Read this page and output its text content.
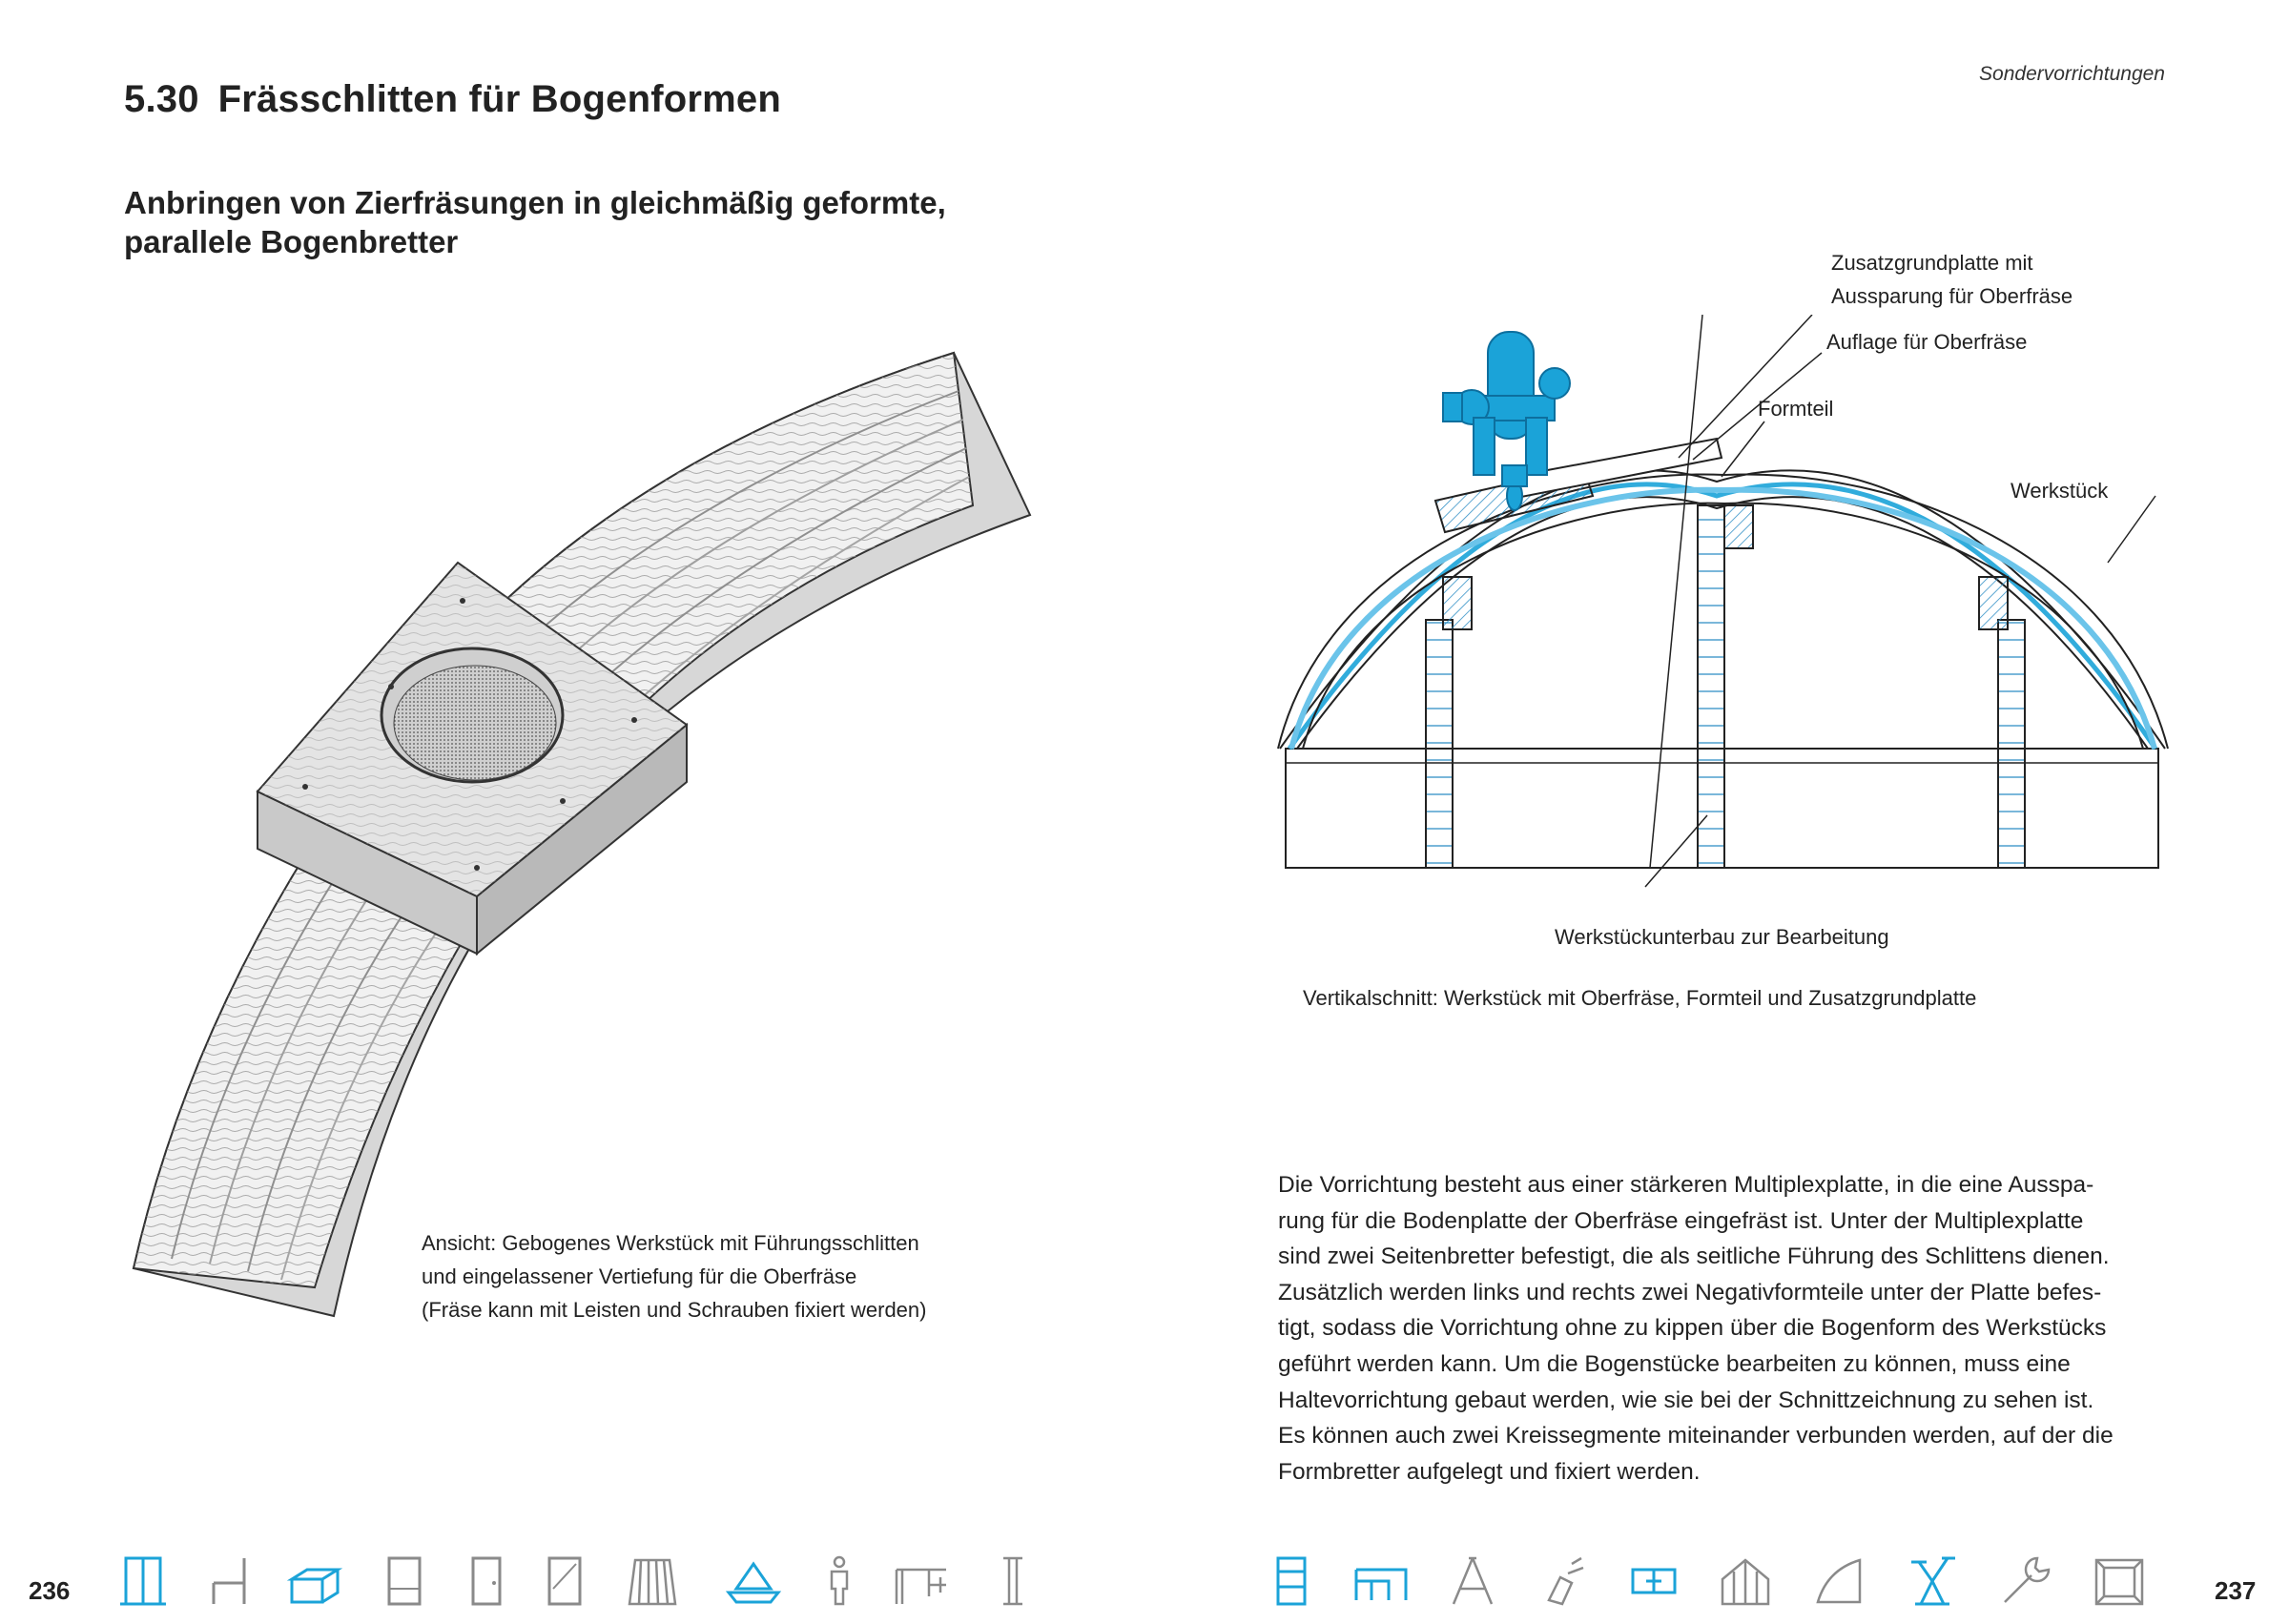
5.30 Frässchlitten für Bogenformen
Anbringen von Zierfräsungen in gleichmäßig geformte,
parallele Bogenbretter
Ansicht: Gebogenes Werkstück mit Führungsschlitten
und eingelassener Vertiefung für die Oberfräse
(Fräse kann mit Leisten und Schrauben fixiert werden)
Sondervorrichtungen
Zusatzgrundplatte mit
Aussparung für Oberfräse
Auflage für Oberfräse
Formteil
Werkstück
Werkstückunterbau zur Bearbeitung
Vertikalschnitt: Werkstück mit Oberfräse, Formteil und Zusatzgrundplatte
Die Vorrichtung besteht aus einer stärkeren Multiplexplatte, in die eine Ausspa-
rung für die Bodenplatte der Oberfräse eingefräst ist. Unter der Multiplexplatte
sind zwei Seitenbretter befestigt, die als seitliche Führung des Schlittens dienen.
Zusätzlich werden links und rechts zwei Negativformteile unter der Platte befes-
tigt, sodass die Vorrichtung ohne zu kippen über die Bogenform des Werkstücks
geführt werden kann. Um die Bogenstücke bearbeiten zu können, muss eine
Haltevorrichtung gebaut werden, wie sie bei der Schnittzeichnung zu sehen ist.
Es können auch zwei Kreissegmente miteinander verbunden werden, auf der die
Formbretter aufgelegt und fixiert werden.
236	237
